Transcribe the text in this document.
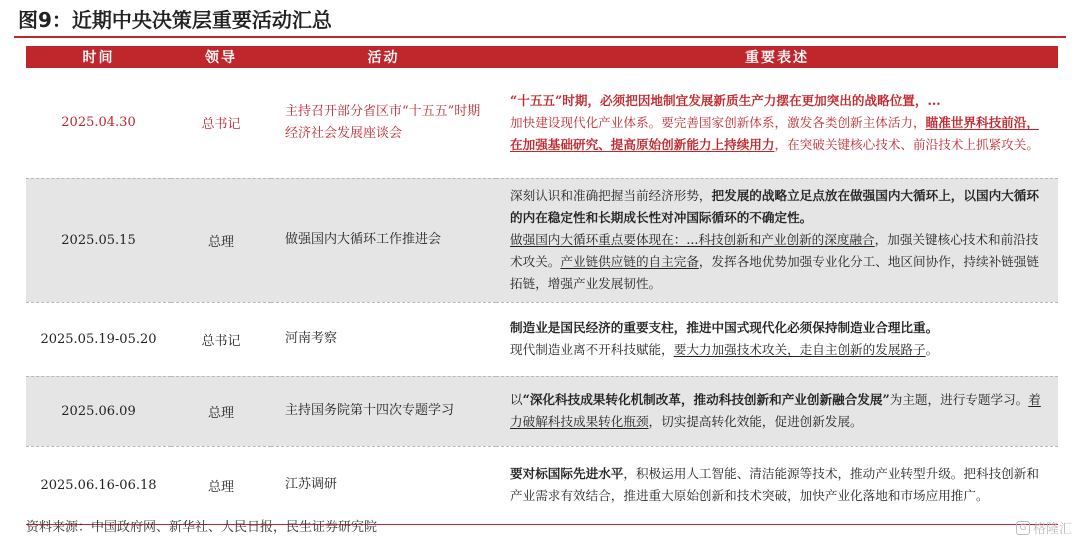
图9：近期中央决策层重要活动汇总
时间	领导	活动	重要表述
2025.04.30	总书记	主持召开部分省区市“十五五”时期经济社会发展座谈会	“十五五”时期，必须把因地制宜发展新质生产力摆在更加突出的战略位置，...
加快建设现代化产业体系。要完善国家创新体系，激发各类创新主体活力，瞄准世界科技前沿，在加强基础研究、提高原始创新能力上持续用力，在突破关键核心技术、前沿技术上抓紧攻关。
2025.05.15	总理	做强国内大循环工作推进会	深刻认识和准确把握当前经济形势，把发展的战略立足点放在做强国内大循环上，以国内大循环的内在稳定性和长期成长性对冲国际循环的不确定性。
做强国内大循环重点要体现在：...科技创新和产业创新的深度融合，加强关键核心技术和前沿技术攻关。产业链供应链的自主完备，发挥各地优势加强专业化分工、地区间协作，持续补链强链拓链，增强产业发展韧性。
2025.05.19-05.20	总书记	河南考察	制造业是国民经济的重要支柱，推进中国式现代化必须保持制造业合理比重。
现代制造业离不开科技赋能，要大力加强技术攻关，走自主创新的发展路子。
2025.06.09	总理	主持国务院第十四次专题学习	以“深化科技成果转化机制改革，推动科技创新和产业创新融合发展”为主题，进行专题学习。着力破解科技成果转化瓶颈，切实提高转化效能，促进创新发展。
2025.06.16-06.18	总理	江苏调研	要对标国际先进水平，积极运用人工智能、清洁能源等技术，推动产业转型升级。把科技创新和产业需求有效结合，推进重大原始创新和技术突破，加快产业化落地和市场应用推广。
资料来源：中国政府网、新华社、人民日报，民生证券研究院	G 格隆汇
